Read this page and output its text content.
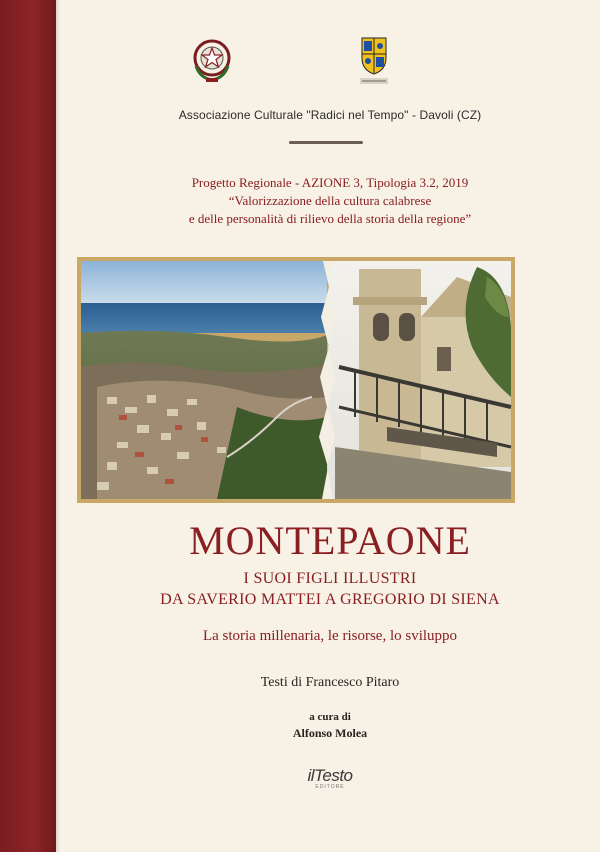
Associazione Culturale "Radici nel Tempo" - Davoli (CZ)
Progetto Regionale - AZIONE 3, Tipologia 3.2, 2019
“Valorizzazione della cultura calabrese
e delle personalità di rilievo della storia della regione”
MONTEPAONE
I SUOI FIGLI ILLUSTRI
DA SAVERIO MATTEI A GREGORIO DI SIENA
La storia millenaria, le risorse, lo sviluppo
Testi di Francesco Pitaro
a cura di
Alfonso Molea
ilTesto
EDITORE
